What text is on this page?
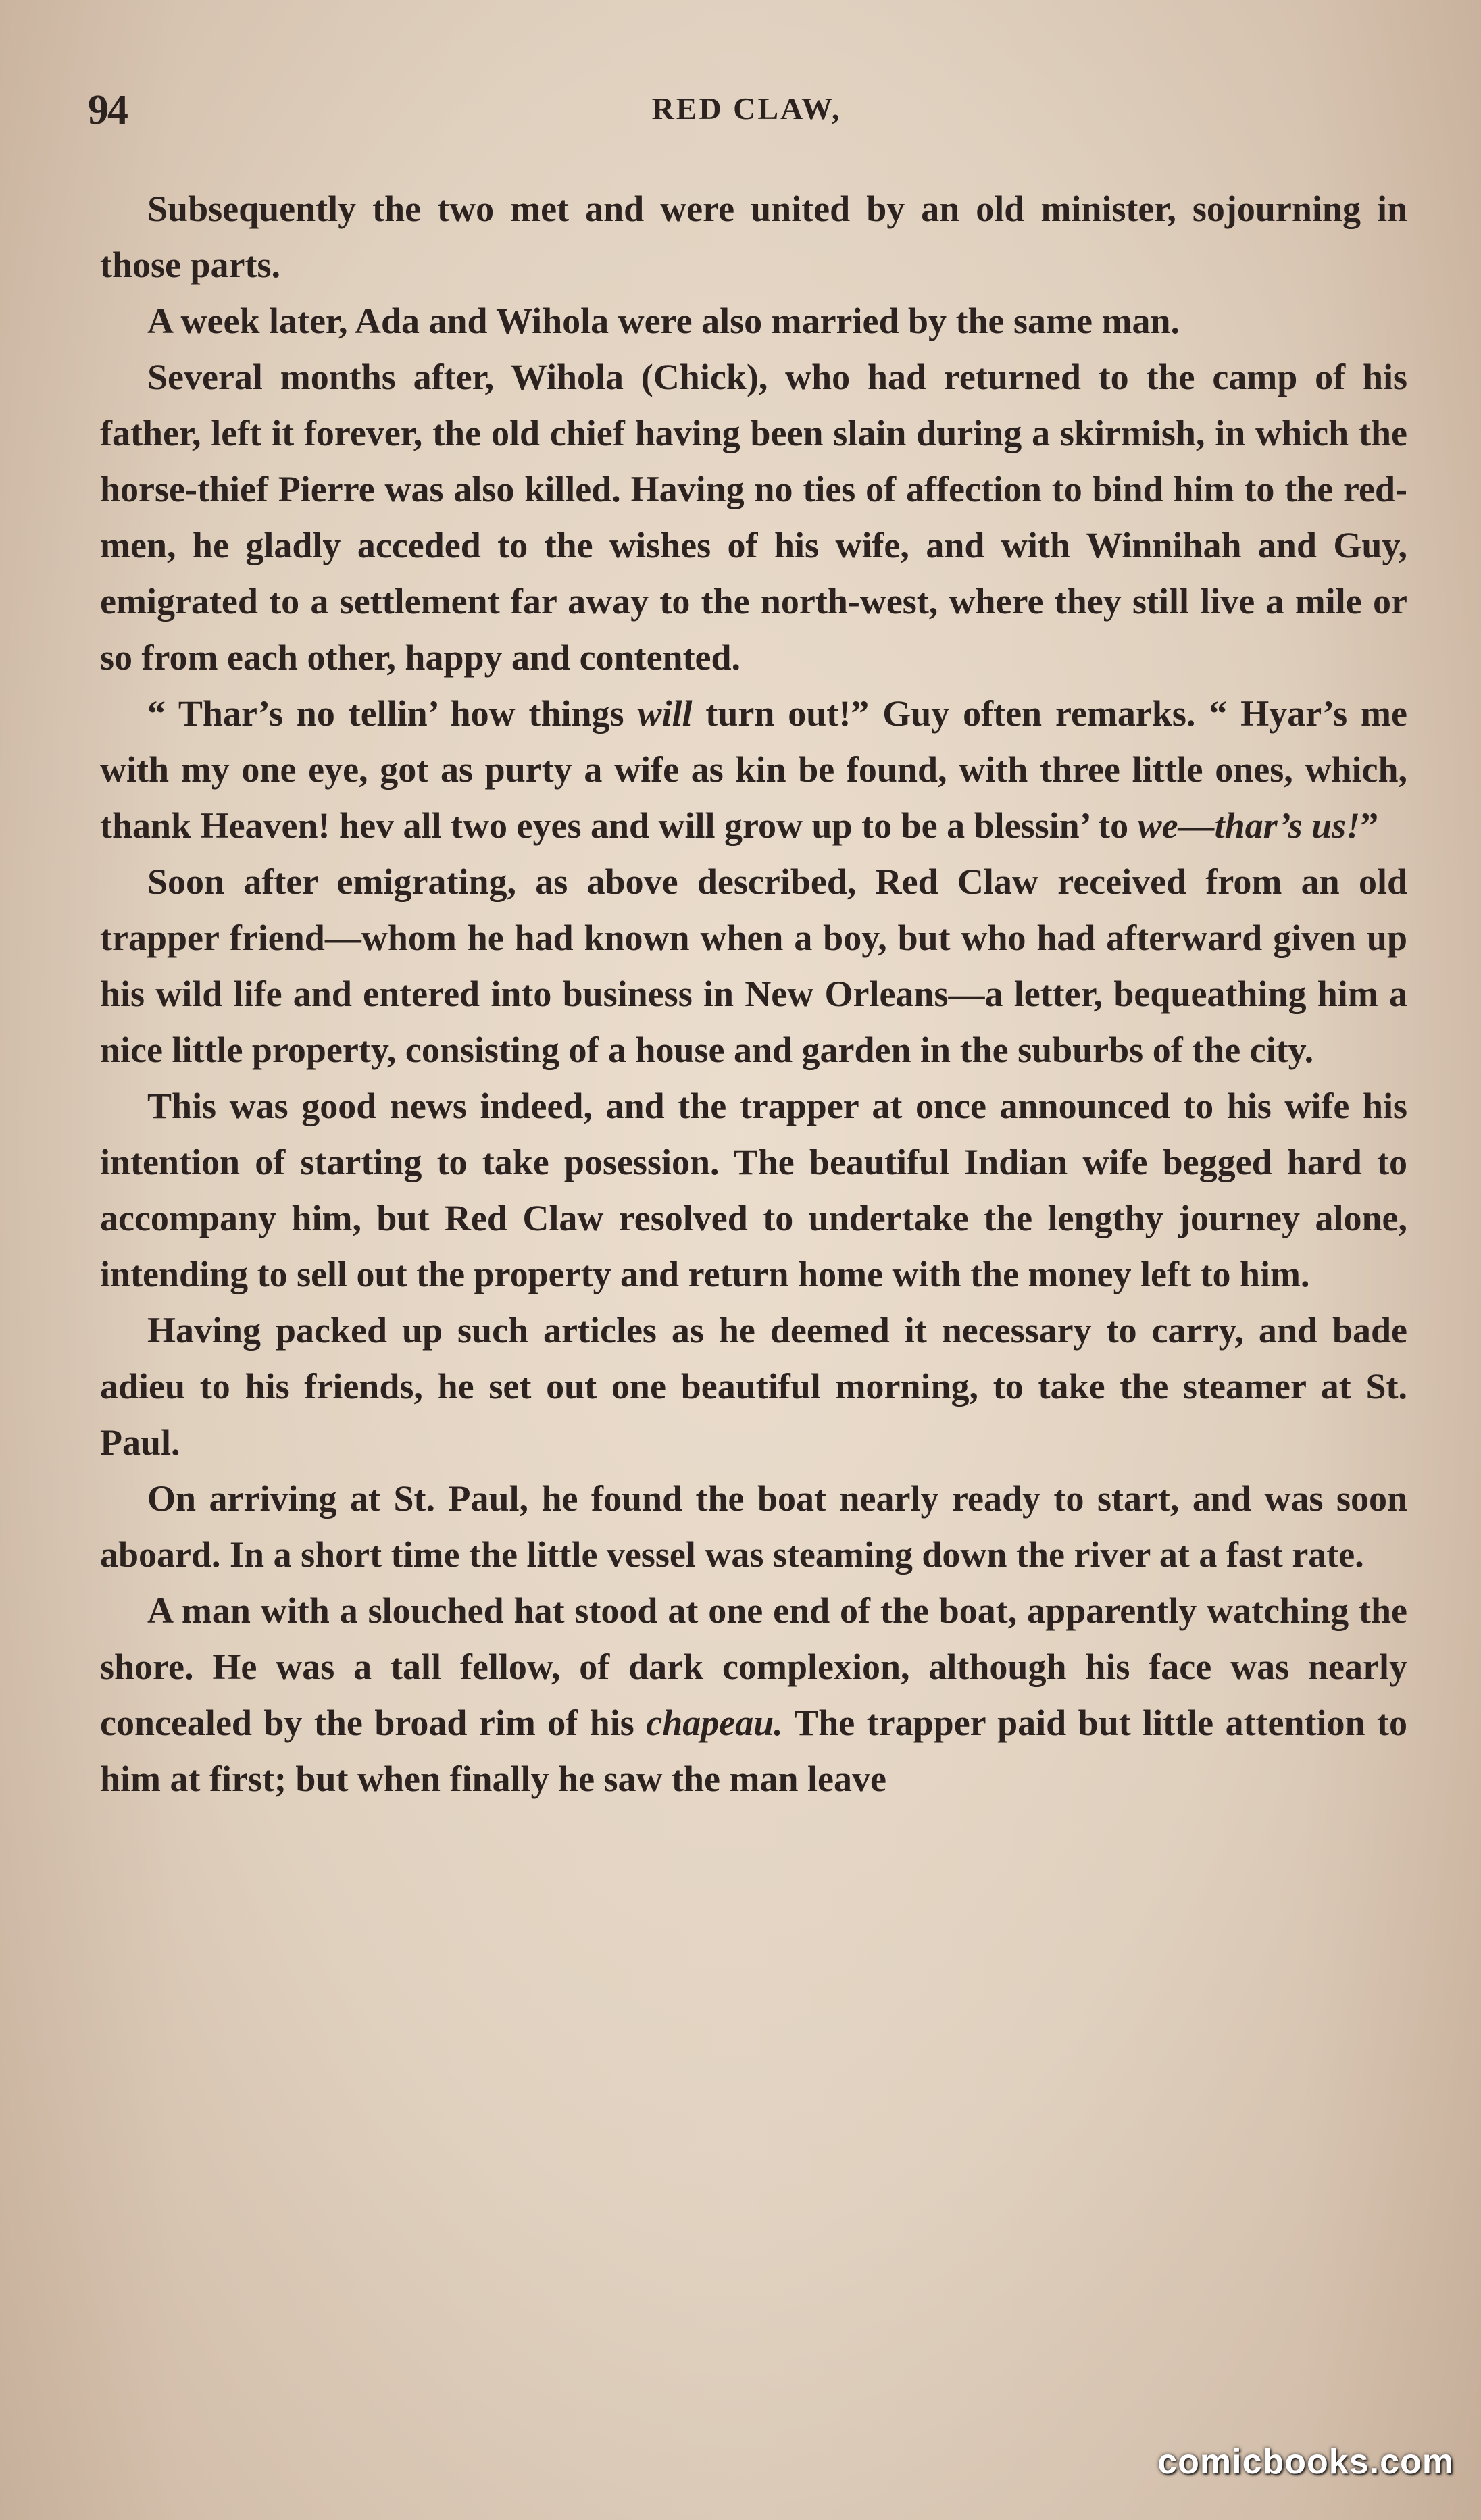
94	RED CLAW,

Subsequently the two met and were united by an old minister, sojourning in those parts.

A week later, Ada and Wihola were also married by the same man.

Several months after, Wihola (Chick), who had returned to the camp of his father, left it forever, the old chief having been slain during a skirmish, in which the horse-thief Pierre was also killed. Having no ties of affection to bind him to the red-men, he gladly acceded to the wishes of his wife, and with Winnihah and Guy, emigrated to a settlement far away to the north-west, where they still live a mile or so from each other, happy and contented.

“ Thar’s no tellin’ how things will turn out!” Guy often remarks. “ Hyar’s me with my one eye, got as purty a wife as kin be found, with three little ones, which, thank Heaven! hev all two eyes and will grow up to be a blessin’ to we—thar’s us!”

Soon after emigrating, as above described, Red Claw received from an old trapper friend—whom he had known when a boy, but who had afterward given up his wild life and entered into business in New Orleans—a letter, bequeathing him a nice little property, consisting of a house and garden in the suburbs of the city.

This was good news indeed, and the trapper at once announced to his wife his intention of starting to take posession. The beautiful Indian wife begged hard to accompany him, but Red Claw resolved to undertake the lengthy journey alone, intending to sell out the property and return home with the money left to him.

Having packed up such articles as he deemed it necessary to carry, and bade adieu to his friends, he set out one beautiful morning, to take the steamer at St. Paul.

On arriving at St. Paul, he found the boat nearly ready to start, and was soon aboard. In a short time the little vessel was steaming down the river at a fast rate.

A man with a slouched hat stood at one end of the boat, apparently watching the shore. He was a tall fellow, of dark complexion, although his face was nearly concealed by the broad rim of his chapeau. The trapper paid but little attention to him at first; but when finally he saw the man leave

comicbooks.com
